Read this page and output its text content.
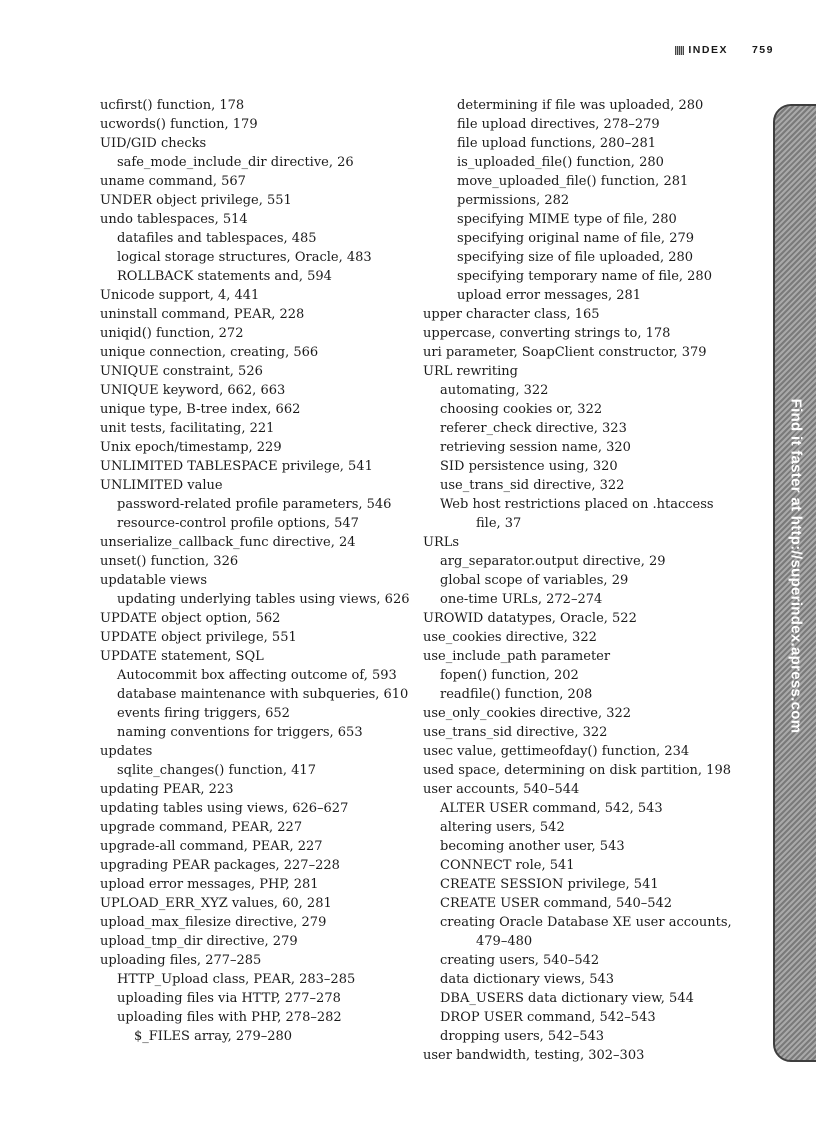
INDEX 759
ucfirst() function, 178
ucwords() function, 179
UID/GID checks
safe_mode_include_dir directive, 26
uname command, 567
UNDER object privilege, 551
undo tablespaces, 514
datafiles and tablespaces, 485
logical storage structures, Oracle, 483
ROLLBACK statements and, 594
Unicode support, 4, 441
uninstall command, PEAR, 228
uniqid() function, 272
unique connection, creating, 566
UNIQUE constraint, 526
UNIQUE keyword, 662, 663
unique type, B-tree index, 662
unit tests, facilitating, 221
Unix epoch/timestamp, 229
UNLIMITED TABLESPACE privilege, 541
UNLIMITED value
password-related profile parameters, 546
resource-control profile options, 547
unserialize_callback_func directive, 24
unset() function, 326
updatable views
updating underlying tables using views, 626
UPDATE object option, 562
UPDATE object privilege, 551
UPDATE statement, SQL
Autocommit box affecting outcome of, 593
database maintenance with subqueries, 610
events firing triggers, 652
naming conventions for triggers, 653
updates
sqlite_changes() function, 417
updating PEAR, 223
updating tables using views, 626–627
upgrade command, PEAR, 227
upgrade-all command, PEAR, 227
upgrading PEAR packages, 227–228
upload error messages, PHP, 281
UPLOAD_ERR_XYZ values, 60, 281
upload_max_filesize directive, 279
upload_tmp_dir directive, 279
uploading files, 277–285
HTTP_Upload class, PEAR, 283–285
uploading files via HTTP, 277–278
uploading files with PHP, 278–282
$_FILES array, 279–280
determining if file was uploaded, 280
file upload directives, 278–279
file upload functions, 280–281
is_uploaded_file() function, 280
move_uploaded_file() function, 281
permissions, 282
specifying MIME type of file, 280
specifying original name of file, 279
specifying size of file uploaded, 280
specifying temporary name of file, 280
upload error messages, 281
upper character class, 165
uppercase, converting strings to, 178
uri parameter, SoapClient constructor, 379
URL rewriting
automating, 322
choosing cookies or, 322
referer_check directive, 323
retrieving session name, 320
SID persistence using, 320
use_trans_sid directive, 322
Web host restrictions placed on .htaccess
file, 37
URLs
arg_separator.output directive, 29
global scope of variables, 29
one-time URLs, 272–274
UROWID datatypes, Oracle, 522
use_cookies directive, 322
use_include_path parameter
fopen() function, 202
readfile() function, 208
use_only_cookies directive, 322
use_trans_sid directive, 322
usec value, gettimeofday() function, 234
used space, determining on disk partition, 198
user accounts, 540–544
ALTER USER command, 542, 543
altering users, 542
becoming another user, 543
CONNECT role, 541
CREATE SESSION privilege, 541
CREATE USER command, 540–542
creating Oracle Database XE user accounts,
479–480
creating users, 540–542
data dictionary views, 543
DBA_USERS data dictionary view, 544
DROP USER command, 542–543
dropping users, 542–543
user bandwidth, testing, 302–303
Find it faster at http://superindex.apress.com
